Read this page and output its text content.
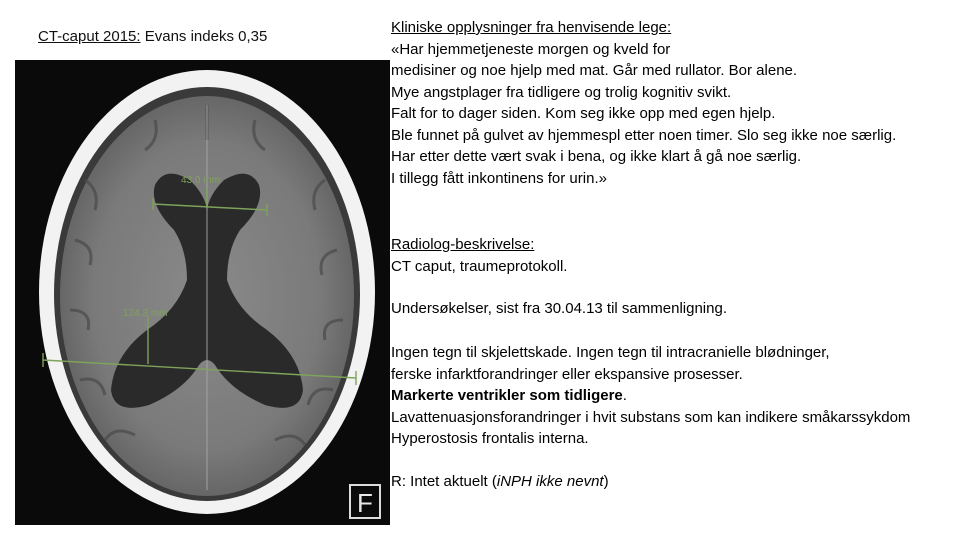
CT-caput 2015: Evans indeks 0,35
43,0 mm
124,3 mm
F
Kliniske opplysninger fra henvisende lege:
«Har hjemmetjeneste morgen og kveld for
medisiner og noe hjelp med mat. Går med rullator. Bor alene.
Mye angstplager fra tidligere og trolig kognitiv svikt.
Falt for to dager siden. Kom seg ikke opp med egen hjelp.
Ble funnet på gulvet av hjemmespl etter noen timer. Slo seg ikke noe særlig.
Har etter dette vært svak i bena, og ikke klart å gå noe særlig.
I tillegg fått inkontinens for urin.»
Radiolog-beskrivelse:
CT caput, traumeprotokoll.
Undersøkelser, sist fra 30.04.13 til sammenligning.
Ingen tegn til skjelettskade. Ingen tegn til intracranielle blødninger,
ferske infarktforandringer eller ekspansive prosesser.
Markerte ventrikler som tidligere.
Lavattenuasjonsforandringer i hvit substans som kan indikere småkarssykdom
Hyperostosis frontalis interna.
R: Intet aktuelt (iNPH ikke nevnt)
